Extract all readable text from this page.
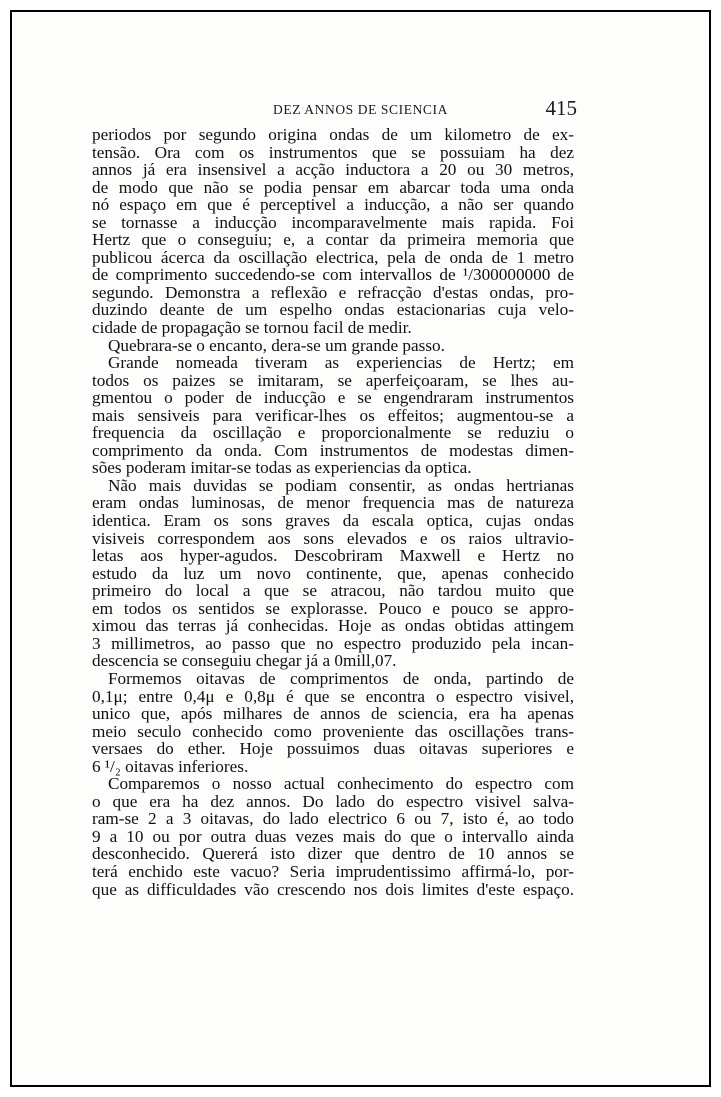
DEZ ANNOS DE SCIENCIA	415
periodos por segundo origina ondas de um kilometro de ex-
tensão. Ora com os instrumentos que se possuiam ha dez
annos já era insensivel a acção inductora a 20 ou 30 metros,
de modo que não se podia pensar em abarcar toda uma onda
nó espaço em que é perceptivel a inducção, a não ser quando
se tornasse a inducção incomparavelmente mais rapida. Foi
Hertz que o conseguiu; e, a contar da primeira memoria que
publicou ácerca da oscillação electrica, pela de onda de 1 metro
de comprimento succedendo-se com intervallos de ¹/300000000 de
segundo. Demonstra a reflexão e refracção d'estas ondas, pro-
duzindo deante de um espelho ondas estacionarias cuja velo-
cidade de propagação se tornou facil de medir.
Quebrara-se o encanto, dera-se um grande passo.
Grande nomeada tiveram as experiencias de Hertz; em
todos os paizes se imitaram, se aperfeiçoaram, se lhes au-
gmentou o poder de inducção e se engendraram instrumentos
mais sensiveis para verificar-lhes os effeitos; augmentou-se a
frequencia da oscillação e proporcionalmente se reduziu o
comprimento da onda. Com instrumentos de modestas dimen-
sões poderam imitar-se todas as experiencias da optica.
Não mais duvidas se podiam consentir, as ondas hertrianas
eram ondas luminosas, de menor frequencia mas de natureza
identica. Eram os sons graves da escala optica, cujas ondas
visiveis correspondem aos sons elevados e os raios ultravio-
letas aos hyper-agudos. Descobriram Maxwell e Hertz no
estudo da luz um novo continente, que, apenas conhecido
primeiro do local a que se atracou, não tardou muito que
em todos os sentidos se explorasse. Pouco e pouco se appro-
ximou das terras já conhecidas. Hoje as ondas obtidas attingem
3 millimetros, ao passo que no espectro produzido pela incan-
descencia se conseguiu chegar já a 0mill,07.
Formemos oitavas de comprimentos de onda, partindo de
0,1μ; entre 0,4μ e 0,8μ é que se encontra o espectro visivel,
unico que, após milhares de annos de sciencia, era ha apenas
meio seculo conhecido como proveniente das oscillações trans-
versaes do ether. Hoje possuimos duas oitavas superiores e
6 ¹/₂ oitavas inferiores.
Comparemos o nosso actual conhecimento do espectro com
o que era ha dez annos. Do lado do espectro visivel salva-
ram-se 2 a 3 oitavas, do lado electrico 6 ou 7, isto é, ao todo
9 a 10 ou por outra duas vezes mais do que o intervallo ainda
desconhecido. Quererá isto dizer que dentro de 10 annos se
terá enchido este vacuo? Seria imprudentissimo affirmá-lo, por-
que as difficuldades vão crescendo nos dois limites d'este espaço.
